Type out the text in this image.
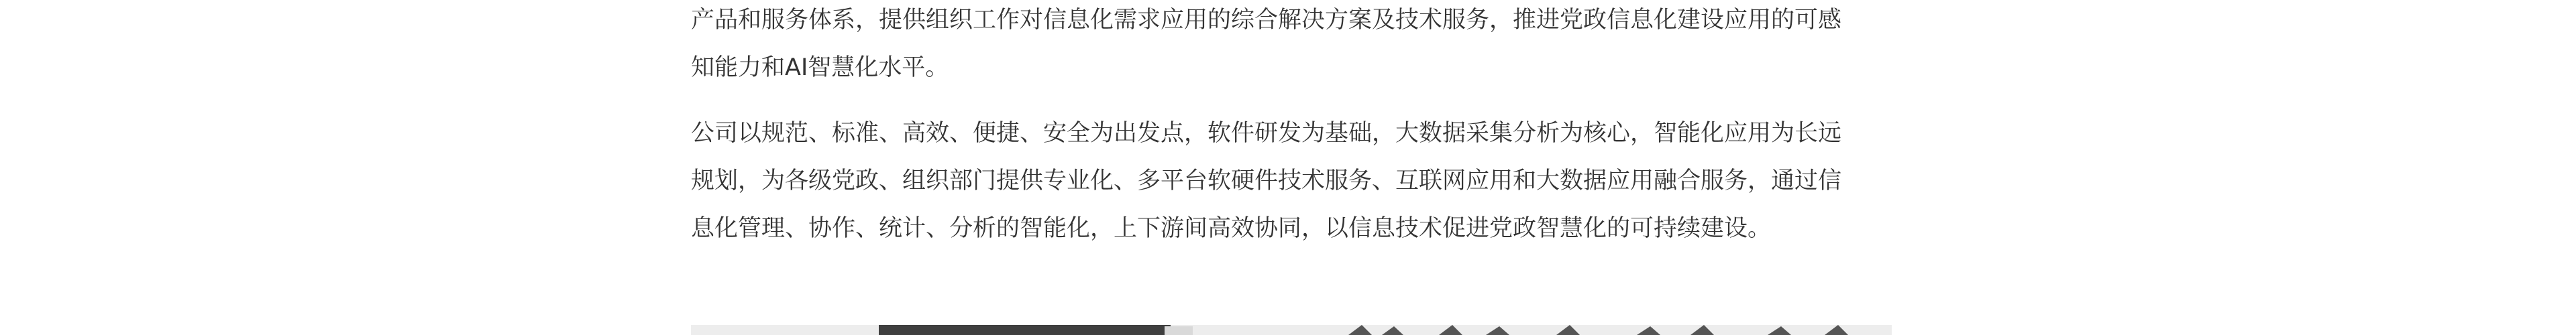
产品和服务体系，提供组织工作对信息化需求应用的综合解决方案及技术服务，推进党政信息化建设应用的可感
知能力和AI智慧化水平。

公司以规范、标准、高效、便捷、安全为出发点，软件研发为基础，大数据采集分析为核心，智能化应用为长远
规划，为各级党政、组织部门提供专业化、多平台软硬件技术服务、互联网应用和大数据应用融合服务，通过信
息化管理、协作、统计、分析的智能化，上下游间高效协同，以信息技术促进党政智慧化的可持续建设。
